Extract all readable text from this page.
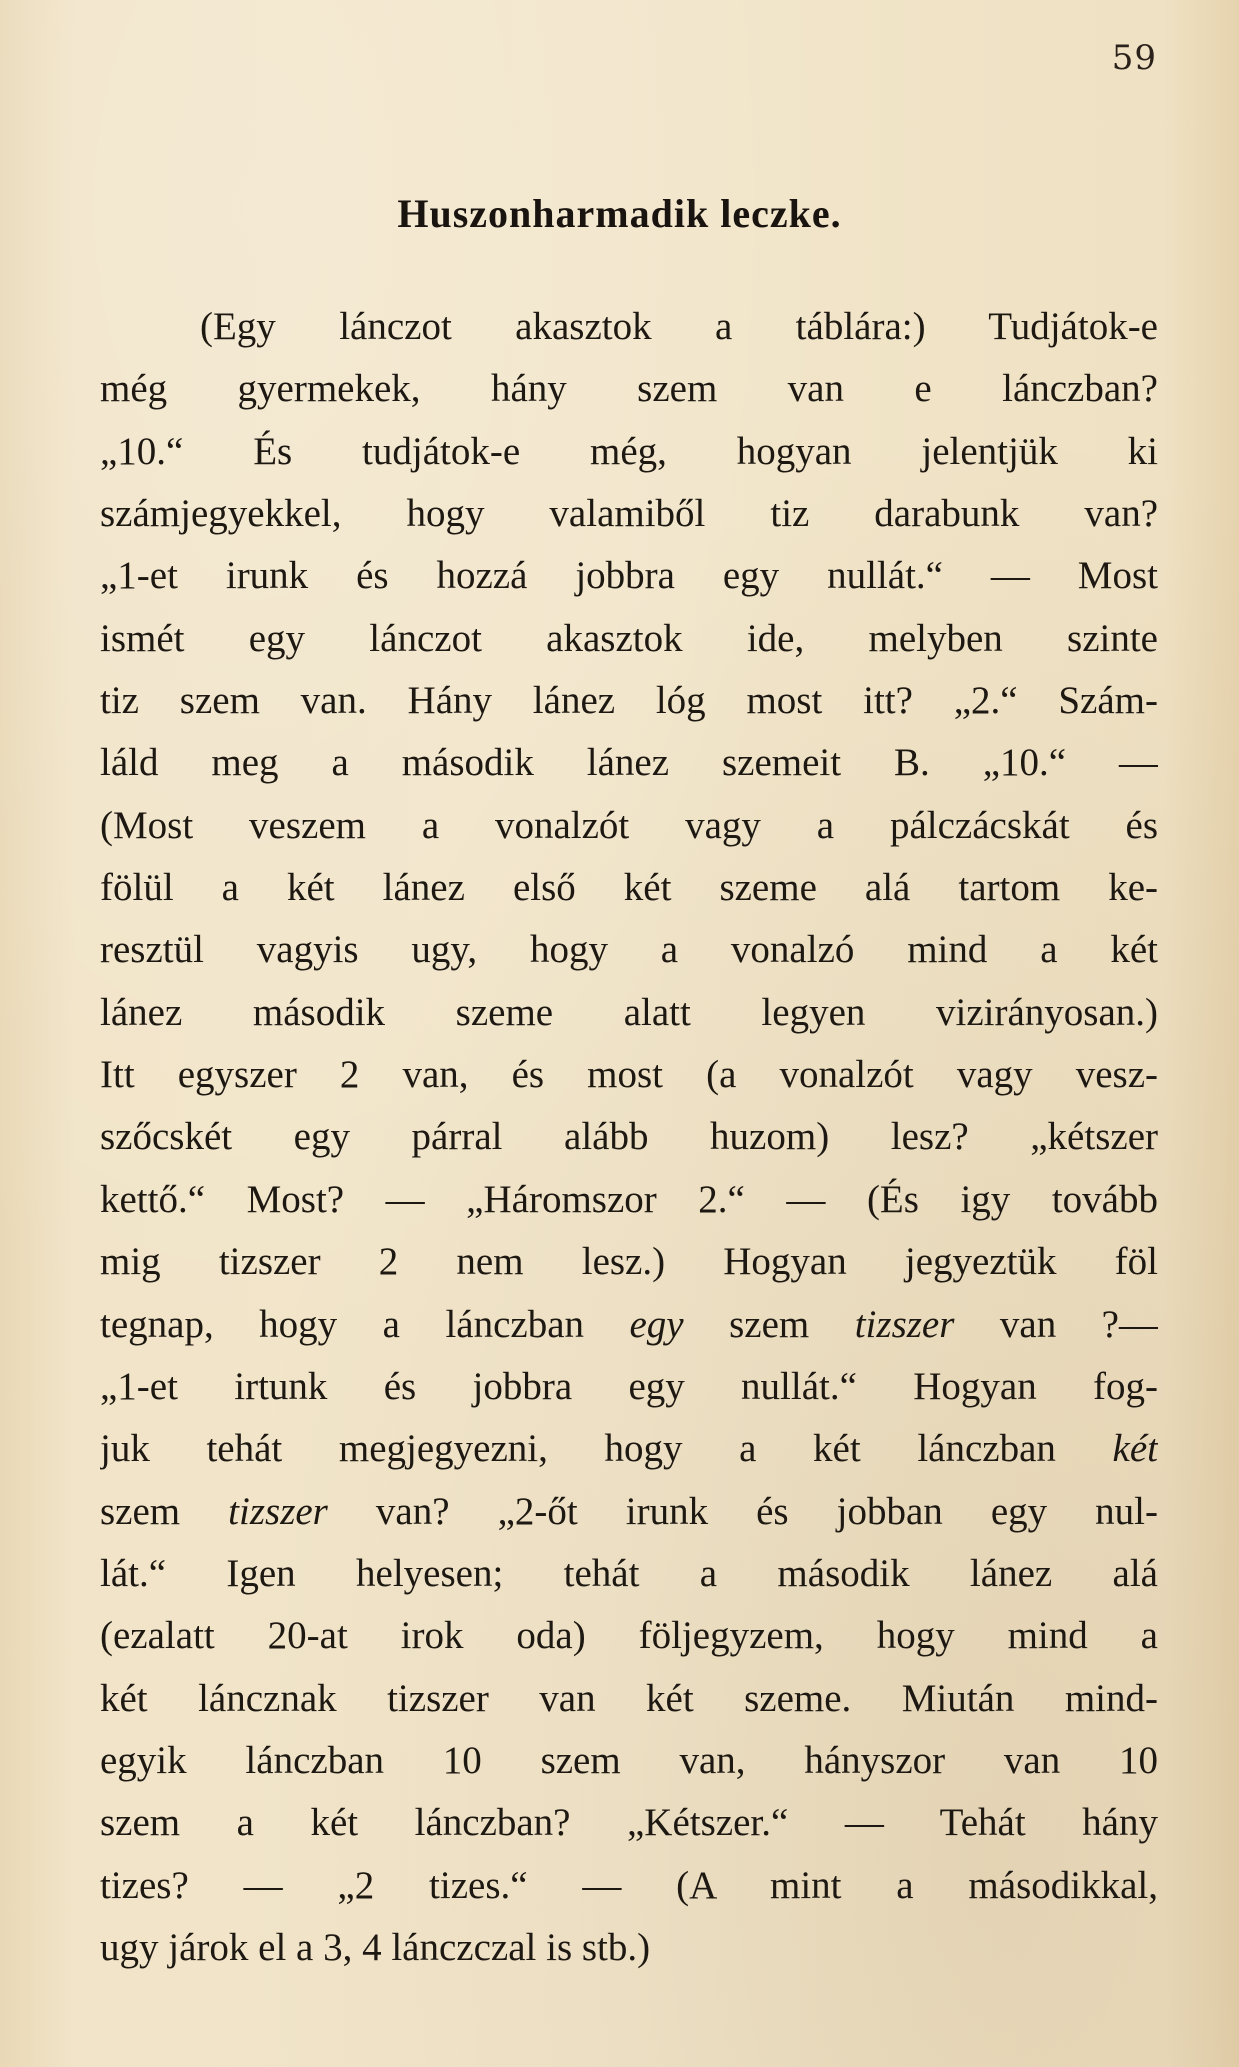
59
Huszonharmadik leczke.
(Egy lánczot akasztok a táblára:) Tudjátok-e
még gyermekek, hány szem van e lánczban?
„10.“ És tudjátok-e még, hogyan jelentjük ki
számjegyekkel, hogy valamiből tiz darabunk van?
„1-et irunk és hozzá jobbra egy nullát.“ — Most
ismét egy lánczot akasztok ide, melyben szinte
tiz szem van. Hány lánez lóg most itt? „2.“ Szám-
láld meg a második lánez szemeit B. „10.“ —
(Most veszem a vonalzót vagy a pálczácskát és
fölül a két lánez első két szeme alá tartom ke-
resztül vagyis ugy, hogy a vonalzó mind a két
lánez második szeme alatt legyen vizirányosan.)
Itt egyszer 2 van, és most (a vonalzót vagy vesz-
szőcskét egy párral alább huzom) lesz? „kétszer
kettő.“ Most? — „Háromszor 2.“ — (És igy tovább
mig tizszer 2 nem lesz.) Hogyan jegyeztük föl
tegnap, hogy a lánczban egy szem tizszer van ?—
„1-et irtunk és jobbra egy nullát.“ Hogyan fog-
juk tehát megjegyezni, hogy a két lánczban két
szem tizszer van? „2-őt irunk és jobban egy nul-
lát.“ Igen helyesen; tehát a második lánez alá
(ezalatt 20-at irok oda) följegyzem, hogy mind a
két láncznak tizszer van két szeme. Miután mind-
egyik lánczban 10 szem van, hányszor van 10
szem a két lánczban? „Kétszer.“ — Tehát hány
tizes? — „2 tizes.“ — (A mint a másodikkal,
ugy járok el a 3, 4 lánczczal is stb.)
